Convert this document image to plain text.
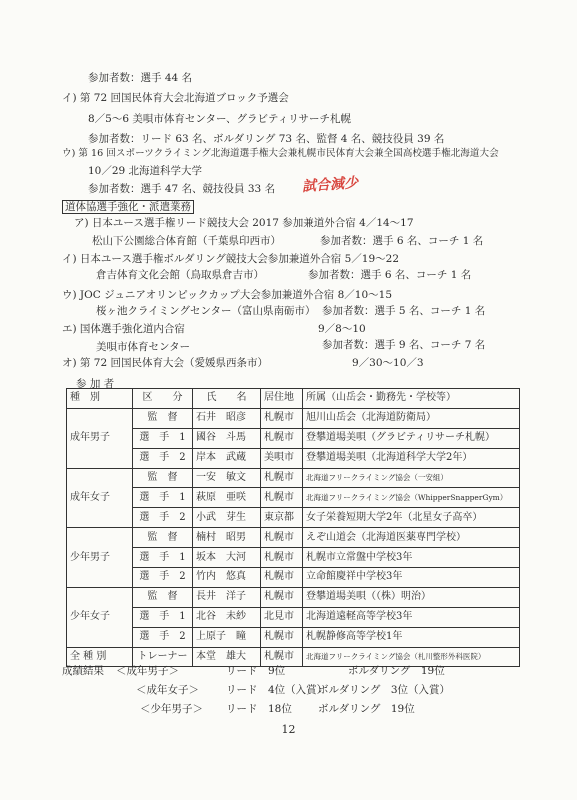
参加者数：選手 44 名
イ) 第 72 回国民体育大会北海道ブロック予選会
8／5～6 美唄市体育センター、グラビティリサーチ札幌
参加者数：リード 63 名、ボルダリング 73 名、監督 4 名、競技役員 39 名
ウ) 第 16 回スポーツクライミング北海道選手権大会兼札幌市民体育大会兼全国高校選手権北海道大会
10／29 北海道科学大学
参加者数：選手 47 名、競技役員 33 名 試合減少
道体協選手強化・派遣業務
ア) 日本ユース選手権リード競技大会 2017 参加兼道外合宿 4／14～17
松山下公園総合体育館（千葉県印西市）	参加者数：選手 6 名、コーチ 1 名
イ) 日本ユース選手権ボルダリング競技大会参加兼道外合宿 5／19～22
倉吉体育文化会館（鳥取県倉吉市）	参加者数：選手 6 名、コーチ 1 名
ウ) JOC ジュニアオリンピックカップ大会参加兼道外合宿 8／10～15
桜ヶ池クライミングセンター（富山県南砺市） 参加者数：選手 5 名、コーチ 1 名
エ) 国体選手強化道内合宿	9／8～10
美唄市体育センター	参加者数：選手 9 名、コーチ 7 名
オ) 第 72 回国民体育大会（愛媛県西条市）	9／30～10／3
参 加 者
種　別	区　　分	氏　　名	居住地	所属（山岳会・勤務先・学校等）
成年男子	監　督	石井　昭彦	札幌市	旭川山岳会（北海道防衛局）
	選　手　1	國谷　斗馬	札幌市	登攀道場美唄（グラビティリサーチ札幌）
	選　手　2	岸本　武蔵	美唄市	登攀道場美唄（北海道科学大学2年）
成年女子	監　督	一安　敏文	札幌市	北海道フリークライミング協会（一安組）
	選　手　1	萩原　亜咲	札幌市	北海道フリークライミング協会（WhipperSnapperGym）
	選　手　2	小武　芽生	東京都	女子栄養短期大学2年（北星女子高卒）
少年男子	監　督	楠村　昭男	札幌市	えぞ山道会（北海道医薬専門学校）
	選　手　1	坂本　大河	札幌市	札幌市立常盤中学校3年
	選　手　2	竹内　悠真	札幌市	立命館慶祥中学校3年
少年女子	監　督	長井　洋子	札幌市	登攀道場美唄（（株）明治）
	選　手　1	北谷　未紗	北見市	北海道遠軽高等学校3年
	選　手　2	上原子　瞳	札幌市	札幌静修高等学校1年
全 種 別	トレーナー	本堂　雄大	札幌市	北海道フリークライミング協会（札川整形外科医院）
成績結果 ＜成年男子＞	リード　9位	ボルダリング　19位
＜成年女子＞	リード　4位（入賞）
ボルダリング　3位（入賞）
＜少年男子＞ リード　18位 ボルダリング　19位
12
